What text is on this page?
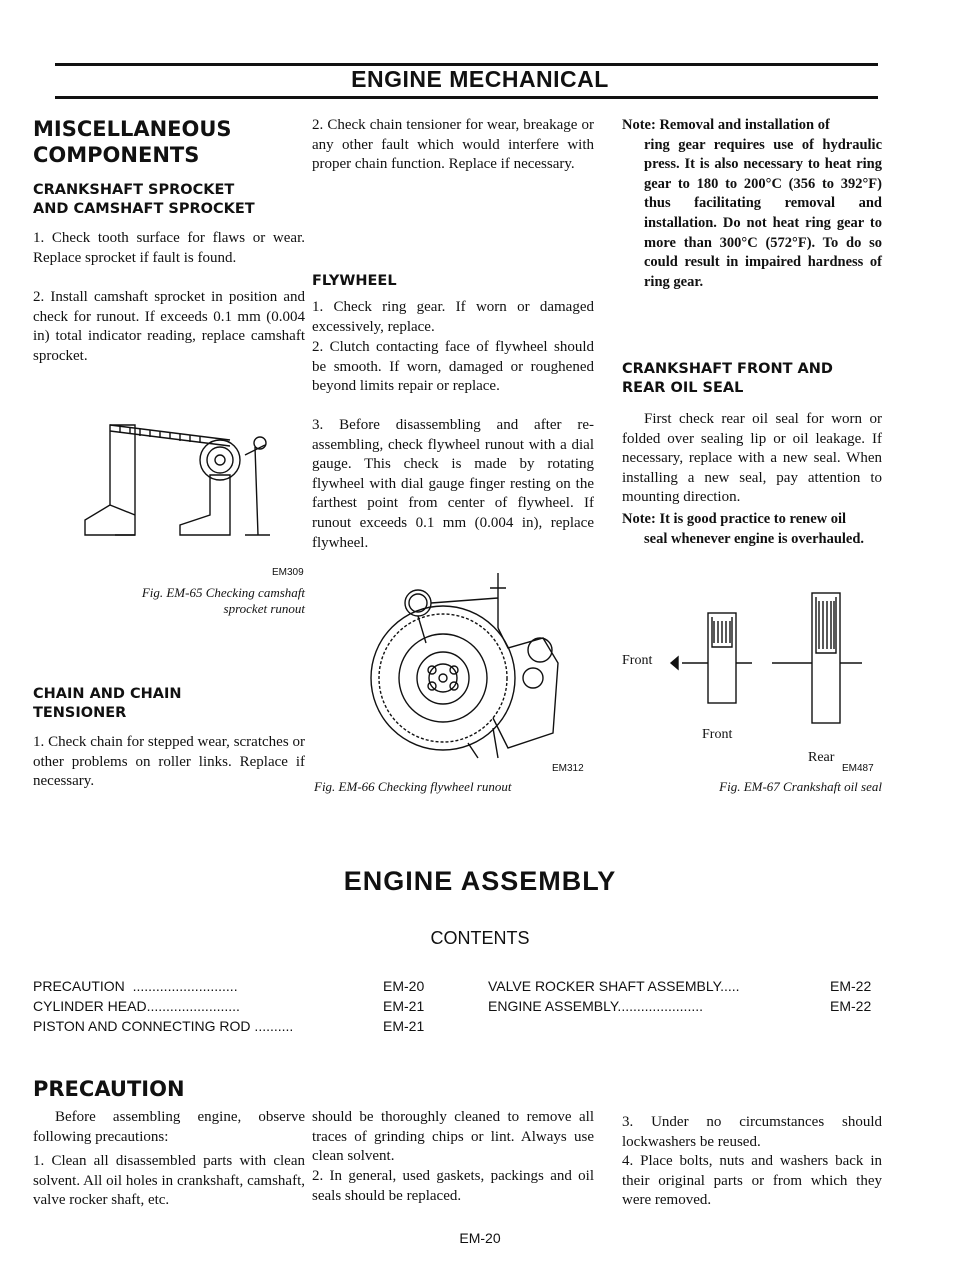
ENGINE MECHANICAL
MISCELLANEOUS
COMPONENTS
CRANKSHAFT SPROCKET
AND CAMSHAFT SPROCKET

1. Check tooth surface for flaws or wear. Replace sprocket if fault is found.

2. Install camshaft sprocket in position and check for runout. If exceeds 0.1 mm (0.004 in) total indicator reading, replace camshaft sprocket.

EM309
Fig. EM-65 Checking camshaft
sprocket runout
CHAIN AND CHAIN
TENSIONER

1. Check chain for stepped wear, scratches or other problems on roller links. Replace if necessary.

2. Check chain tensioner for wear, breakage or any other fault which would interfere with proper chain function. Replace if necessary.

FLYWHEEL

1. Check ring gear. If worn or damaged excessively, replace.

2. Clutch contacting face of flywheel should be smooth. If worn, damaged or roughened beyond limits repair or replace.

3. Before disassembling and after re-assembling, check flywheel runout with a dial gauge. This check is made by rotating flywheel with dial gauge finger resting on the farthest point from center of flywheel. If runout exceeds 0.1 mm (0.004 in), replace flywheel.

EM312
Fig. EM-66 Checking flywheel runout
Note: Removal and installation of
ring gear requires use of hydraulic press. It is also necessary to heat ring gear to 180 to 200°C (356 to 392°F) thus facilitating removal and installation. Do not heat ring gear to more than 300°C (572°F). To do so could result in impaired hardness of ring gear.
CRANKSHAFT FRONT AND
REAR OIL SEAL

First check rear oil seal for worn or folded over sealing lip or oil leakage. If necessary, replace with a new seal. When installing a new seal, pay attention to mounting direction.

Note: It is good practice to renew oil
seal whenever engine is overhauled.
Front
Front
Rear
EM487
Fig. EM-67 Crankshaft oil seal
ENGINE ASSEMBLY
CONTENTS
PRECAUTION  ...........................	EM-20
CYLINDER HEAD........................	EM-21
PISTON AND CONNECTING ROD ..........	EM-21
VALVE ROCKER SHAFT ASSEMBLY.....	EM-22
ENGINE ASSEMBLY......................	EM-22
PRECAUTION

Before assembling engine, observe following precautions:

1. Clean all disassembled parts with clean solvent. All oil holes in crankshaft, camshaft, valve rocker shaft, etc.

should be thoroughly cleaned to remove all traces of grinding chips or lint. Always use clean solvent.

2. In general, used gaskets, packings and oil seals should be replaced.

3. Under no circumstances should lockwashers be reused.

4. Place bolts, nuts and washers back in their original parts or from which they were removed.

EM-20
